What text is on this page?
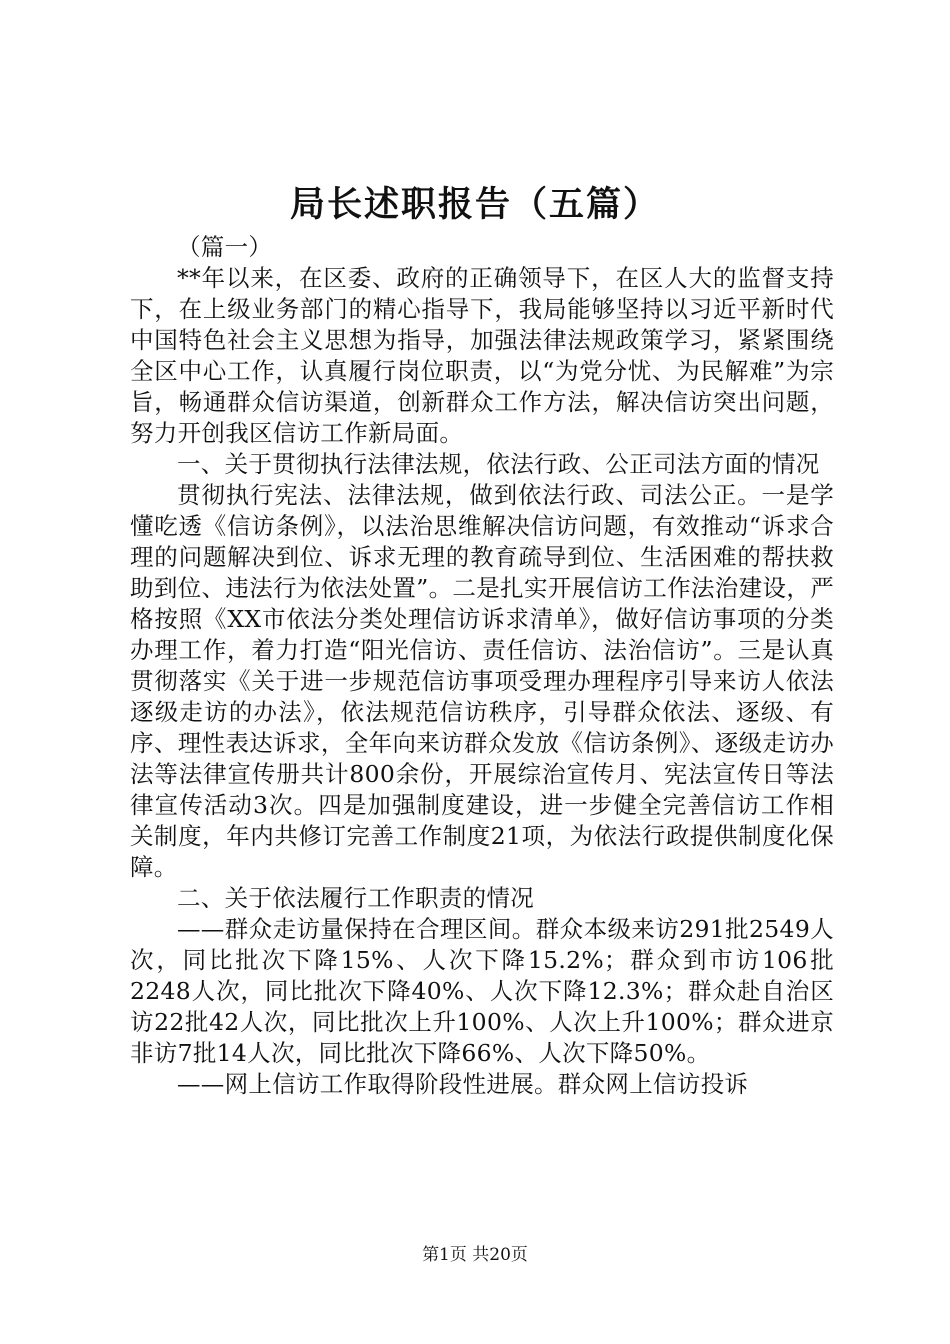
局长述职报告（五篇）

（篇一）

**年以来，在区委、政府的正确领导下，在区人大的监督支持下，在上级业务部门的精心指导下，我局能够坚持以习近平新时代中国特色社会主义思想为指导，加强法律法规政策学习，紧紧围绕全区中心工作，认真履行岗位职责，以“为党分忧、为民解难”为宗旨，畅通群众信访渠道，创新群众工作方法，解决信访突出问题，努力开创我区信访工作新局面。

一、关于贯彻执行法律法规，依法行政、公正司法方面的情况

贯彻执行宪法、法律法规，做到依法行政、司法公正。一是学懂吃透《信访条例》，以法治思维解决信访问题，有效推动“诉求合理的问题解决到位、诉求无理的教育疏导到位、生活困难的帮扶救助到位、违法行为依法处置”。二是扎实开展信访工作法治建设，严格按照《XX市依法分类处理信访诉求清单》，做好信访事项的分类办理工作，着力打造“阳光信访、责任信访、法治信访”。三是认真贯彻落实《关于进一步规范信访事项受理办理程序引导来访人依法逐级走访的办法》，依法规范信访秩序，引导群众依法、逐级、有序、理性表达诉求，全年向来访群众发放《信访条例》、逐级走访办法等法律宣传册共计800余份，开展综治宣传月、宪法宣传日等法律宣传活动3次。四是加强制度建设，进一步健全完善信访工作相关制度，年内共修订完善工作制度21项，为依法行政提供制度化保障。

二、关于依法履行工作职责的情况

——群众走访量保持在合理区间。群众本级来访291批2549人次，同比批次下降15%、人次下降15.2%；群众到市访106批2248人次，同比批次下降40%、人次下降12.3%；群众赴自治区访22批42人次，同比批次上升100%、人次上升100%；群众进京非访7批14人次，同比批次下降66%、人次下降50%。

——网上信访工作取得阶段性进展。群众网上信访投诉

第1页 共20页
